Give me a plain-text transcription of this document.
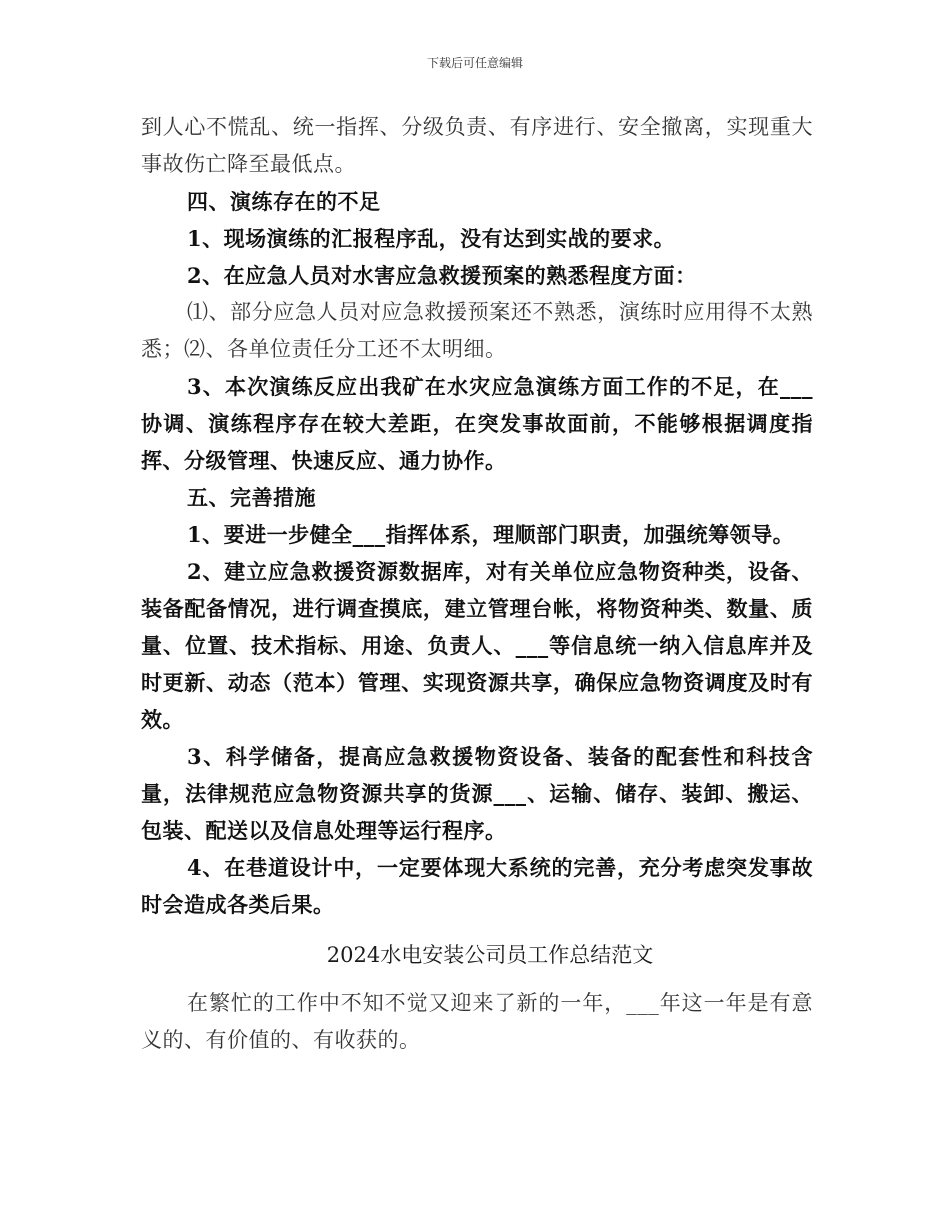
下载后可任意编辑

到人心不慌乱、统一指挥、分级负责、有序进行、安全撤离，实现重大事故伤亡降至最低点。

四、演练存在的不足

1、现场演练的汇报程序乱，没有达到实战的要求。

2、在应急人员对水害应急救援预案的熟悉程度方面：

⑴、部分应急人员对应急救援预案还不熟悉，演练时应用得不太熟悉；⑵、各单位责任分工还不太明细。

3、本次演练反应出我矿在水灾应急演练方面工作的不足，在___协调、演练程序存在较大差距，在突发事故面前，不能够根据调度指挥、分级管理、快速反应、通力协作。

五、完善措施

1、要进一步健全___指挥体系，理顺部门职责，加强统筹领导。

2、建立应急救援资源数据库，对有关单位应急物资种类，设备、装备配备情况，进行调查摸底，建立管理台帐，将物资种类、数量、质量、位置、技术指标、用途、负责人、___等信息统一纳入信息库并及时更新、动态（范本）管理、实现资源共享，确保应急物资调度及时有效。

3、科学储备，提高应急救援物资设备、装备的配套性和科技含量，法律规范应急物资源共享的货源___、运输、储存、装卸、搬运、包装、配送以及信息处理等运行程序。

4、在巷道设计中，一定要体现大系统的完善，充分考虑突发事故时会造成各类后果。

2024水电安装公司员工作总结范文

在繁忙的工作中不知不觉又迎来了新的一年，___年这一年是有意义的、有价值的、有收获的。
